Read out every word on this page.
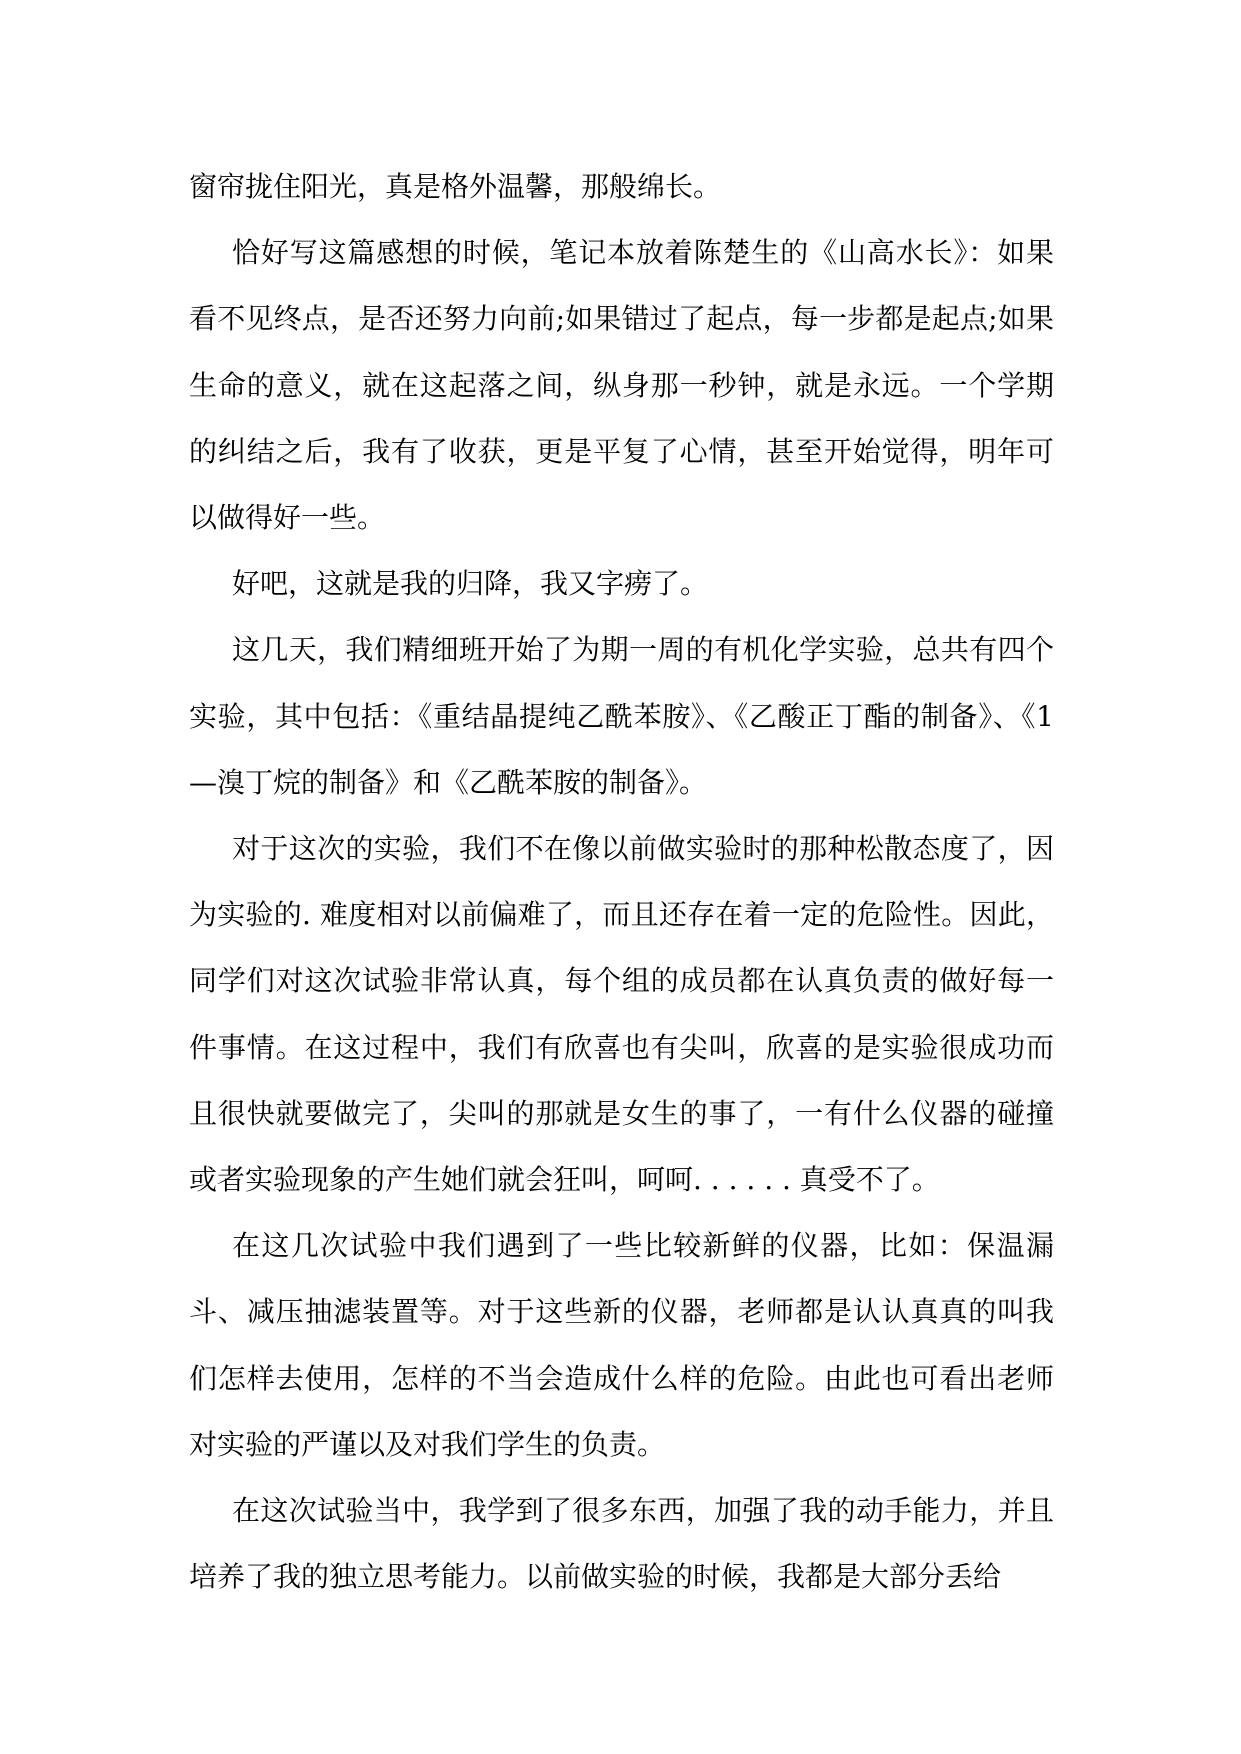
窗帘拢住阳光，真是格外温馨，那般绵长。

恰好写这篇感想的时候，笔记本放着陈楚生的《山高水长》：如果看不见终点，是否还努力向前;如果错过了起点，每一步都是起点;如果生命的意义，就在这起落之间，纵身那一秒钟，就是永远。一个学期的纠结之后，我有了收获，更是平复了心情，甚至开始觉得，明年可以做得好一些。

好吧，这就是我的归降，我又字痨了。

这几天，我们精细班开始了为期一周的有机化学实验，总共有四个实验，其中包括：《重结晶提纯乙酰苯胺》、《乙酸正丁酯的制备》、《1—溴丁烷的制备》和《乙酰苯胺的制备》。

对于这次的实验，我们不在像以前做实验时的那种松散态度了，因为实验的. 难度相对以前偏难了，而且还存在着一定的危险性。因此，同学们对这次试验非常认真，每个组的成员都在认真负责的做好每一件事情。在这过程中，我们有欣喜也有尖叫，欣喜的是实验很成功而且很快就要做完了，尖叫的那就是女生的事了，一有什么仪器的碰撞或者实验现象的产生她们就会狂叫，呵呵. . . . . . 真受不了。

在这几次试验中我们遇到了一些比较新鲜的仪器，比如：保温漏斗、减压抽滤装置等。对于这些新的仪器，老师都是认认真真的叫我们怎样去使用，怎样的不当会造成什么样的危险。由此也可看出老师对实验的严谨以及对我们学生的负责。

在这次试验当中，我学到了很多东西，加强了我的动手能力，并且培养了我的独立思考能力。以前做实验的时候，我都是大部分丢给
